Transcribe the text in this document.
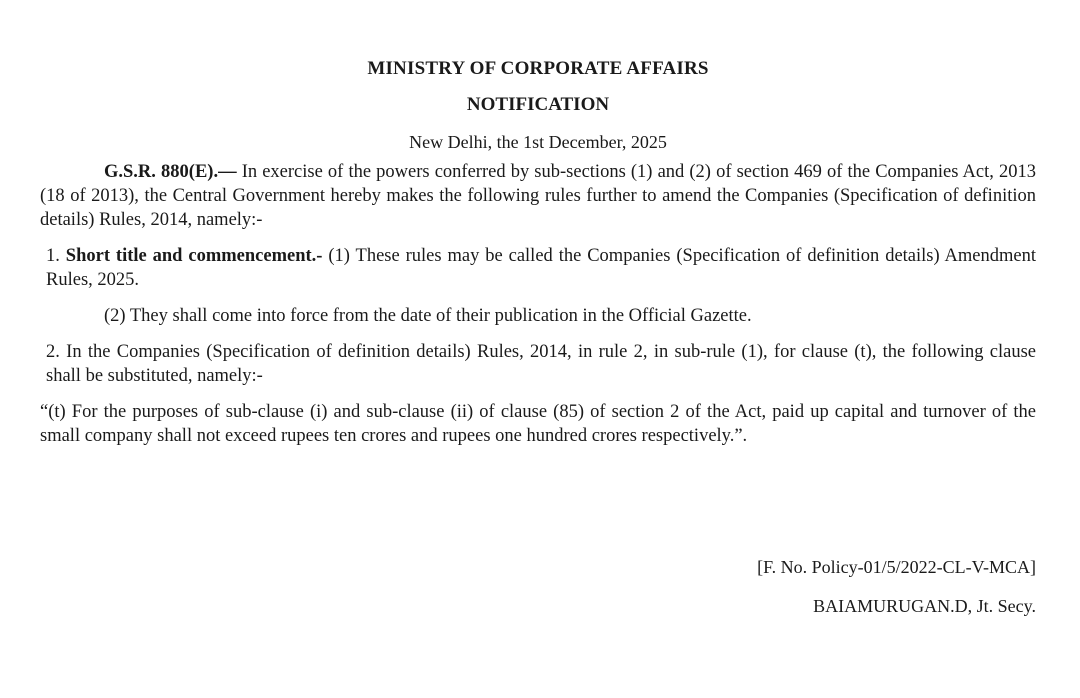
MINISTRY OF CORPORATE AFFAIRS
NOTIFICATION
New Delhi, the 1st December, 2025

G.S.R. 880(E).— In exercise of the powers conferred by sub-sections (1) and (2) of section 469 of the Companies Act, 2013 (18 of 2013), the Central Government hereby makes the following rules further to amend the Companies (Specification of definition details) Rules, 2014, namely:-

1. Short title and commencement.- (1) These rules may be called the Companies (Specification of definition details) Amendment Rules, 2025.

(2) They shall come into force from the date of their publication in the Official Gazette.

2. In the Companies (Specification of definition details) Rules, 2014, in rule 2, in sub-rule (1), for clause (t), the following clause shall be substituted, namely:-

“(t) For the purposes of sub-clause (i) and sub-clause (ii) of clause (85) of section 2 of the Act, paid up capital and turnover of the small company shall not exceed rupees ten crores and rupees one hundred crores respectively.”.

[F. No. Policy-01/5/2022-CL-V-MCA]
BAIAMURUGAN.D, Jt. Secy.
